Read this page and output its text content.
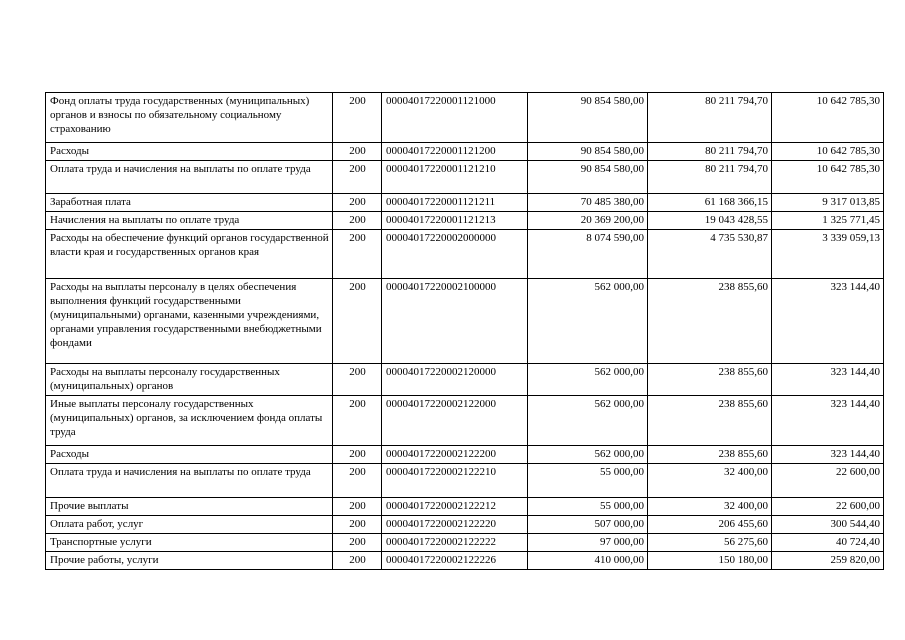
Фонд оплаты труда государственных (муниципальных) органов и взносы по обязательному социальному страхованию	200	00004017220001121000	90 854 580,00	80 211 794,70	10 642 785,30
Расходы	200	00004017220001121200	90 854 580,00	80 211 794,70	10 642 785,30
Оплата труда и начисления на выплаты по оплате труда	200	00004017220001121210	90 854 580,00	80 211 794,70	10 642 785,30
Заработная плата	200	00004017220001121211	70 485 380,00	61 168 366,15	9 317 013,85
Начисления на выплаты по оплате труда	200	00004017220001121213	20 369 200,00	19 043 428,55	1 325 771,45
Расходы на обеспечение функций органов государственной власти края и государственных органов края	200	00004017220002000000	8 074 590,00	4 735 530,87	3 339 059,13
Расходы на выплаты персоналу в целях обеспечения выполнения функций государственными (муниципальными) органами, казенными учреждениями, органами управления государственными внебюджетными фондами	200	00004017220002100000	562 000,00	238 855,60	323 144,40
Расходы на выплаты персоналу государственных (муниципальных) органов	200	00004017220002120000	562 000,00	238 855,60	323 144,40
Иные выплаты персоналу государственных (муниципальных) органов, за исключением фонда оплаты труда	200	00004017220002122000	562 000,00	238 855,60	323 144,40
Расходы	200	00004017220002122200	562 000,00	238 855,60	323 144,40
Оплата труда и начисления на выплаты по оплате труда	200	00004017220002122210	55 000,00	32 400,00	22 600,00
Прочие выплаты	200	00004017220002122212	55 000,00	32 400,00	22 600,00
Оплата работ, услуг	200	00004017220002122220	507 000,00	206 455,60	300 544,40
Транспортные услуги	200	00004017220002122222	97 000,00	56 275,60	40 724,40
Прочие работы, услуги	200	00004017220002122226	410 000,00	150 180,00	259 820,00
